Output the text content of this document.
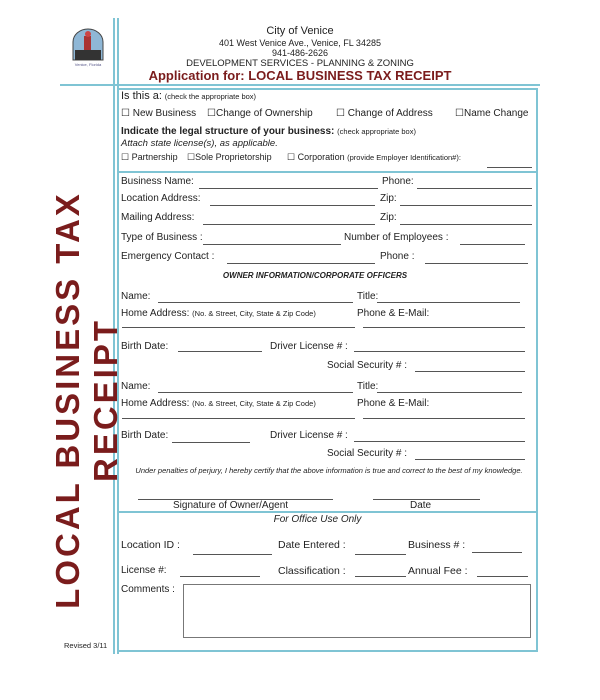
Venice, Florida
City of Venice
401 West Venice Ave., Venice, FL 34285
941-486-2626
DEVELOPMENT SERVICES - PLANNING & ZONING
Application for: LOCAL BUSINESS TAX RECEIPT
LOCAL BUSINESS TAX RECEIPT
Is this a: (check the appropriate box)
☐ New Business ☐Change of Ownership ☐ Change of Address ☐Name Change
Indicate the legal structure of your business: (check appropriate box)
Attach state license(s), as applicable.
☐ Partnership ☐Sole Proprietorship ☐ Corporation (provide Employer Identification#):
Business Name:	Phone:
Location Address:	Zip:
Mailing Address:	Zip:
Type of Business :	Number of Employees :
Emergency Contact :	Phone :
OWNER INFORMATION/CORPORATE OFFICERS
Name:	Title:
Home Address: (No. & Street, City, State & Zip Code)	Phone & E-Mail:
Birth Date:	Driver License # :
Social Security # :
Name:	Title:
Home Address: (No. & Street, City, State & Zip Code)	Phone & E-Mail:
Birth Date:	Driver License # :
Social Security # :
Under penalties of perjury, I hereby certify that the above information is true and correct to the best of my knowledge.
Signature of Owner/Agent	Date
For Office Use Only
Location ID :	Date Entered :	Business # :
License #:	Classification :	Annual Fee :
Comments :
Revised 3/11
